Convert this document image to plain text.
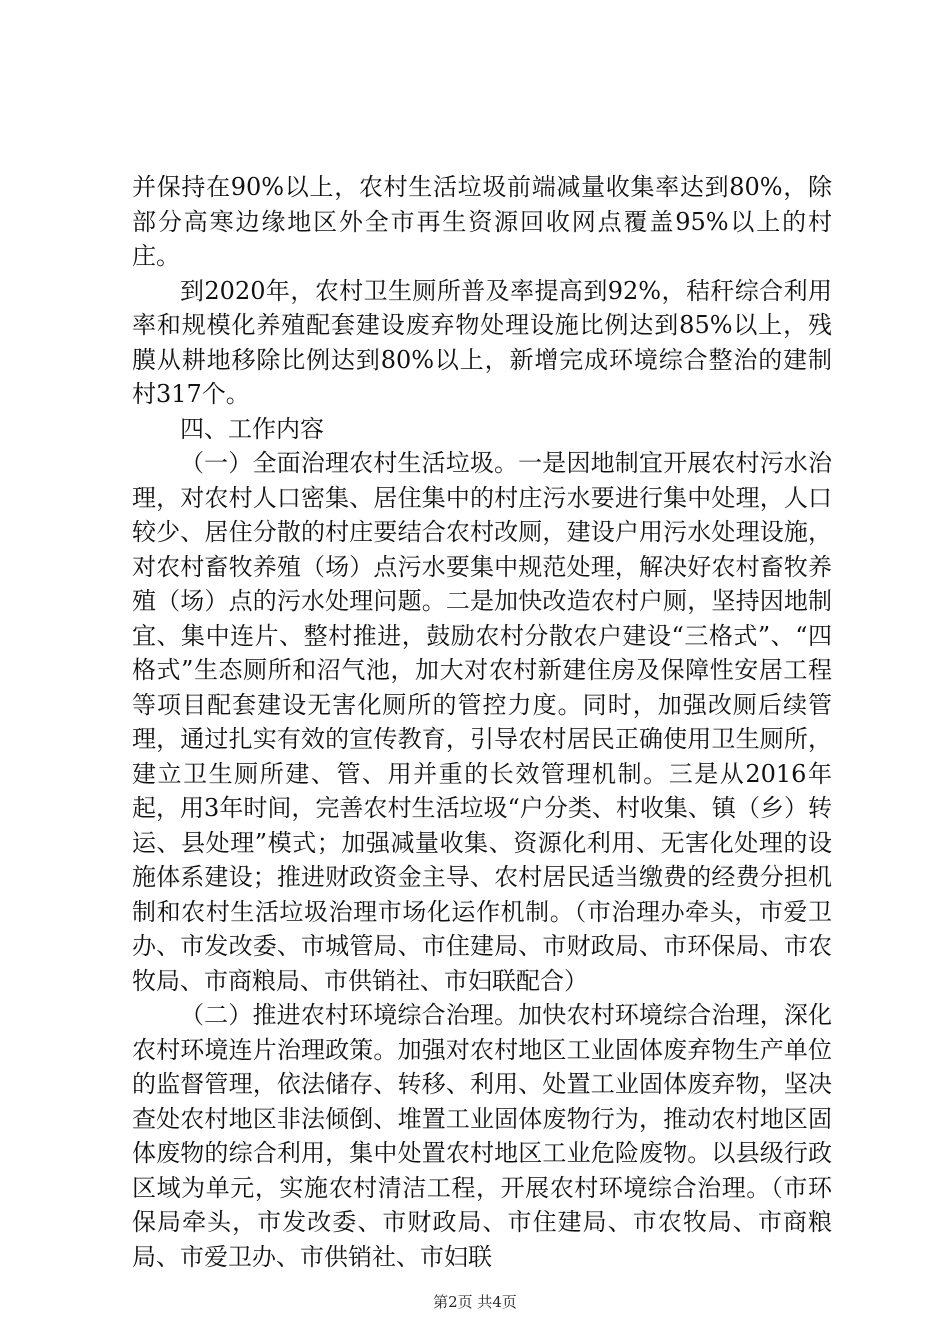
并保持在90%以上，农村生活垃圾前端减量收集率达到80%，除部分高寒边缘地区外全市再生资源回收网点覆盖95%以上的村庄。

到2020年，农村卫生厕所普及率提高到92%，秸秆综合利用率和规模化养殖配套建设废弃物处理设施比例达到85%以上，残膜从耕地移除比例达到80%以上，新增完成环境综合整治的建制村317个。

四、工作内容

（一）全面治理农村生活垃圾。一是因地制宜开展农村污水治理，对农村人口密集、居住集中的村庄污水要进行集中处理，人口较少、居住分散的村庄要结合农村改厕，建设户用污水处理设施，对农村畜牧养殖（场）点污水要集中规范处理，解决好农村畜牧养殖（场）点的污水处理问题。二是加快改造农村户厕，坚持因地制宜、集中连片、整村推进，鼓励农村分散农户建设“三格式”、“四格式”生态厕所和沼气池，加大对农村新建住房及保障性安居工程等项目配套建设无害化厕所的管控力度。同时，加强改厕后续管理，通过扎实有效的宣传教育，引导农村居民正确使用卫生厕所，建立卫生厕所建、管、用并重的长效管理机制。三是从2016年起，用3年时间，完善农村生活垃圾“户分类、村收集、镇（乡）转运、县处理”模式；加强减量收集、资源化利用、无害化处理的设施体系建设；推进财政资金主导、农村居民适当缴费的经费分担机制和农村生活垃圾治理市场化运作机制。（市治理办牵头，市爱卫办、市发改委、市城管局、市住建局、市财政局、市环保局、市农牧局、市商粮局、市供销社、市妇联配合）

（二）推进农村环境综合治理。加快农村环境综合治理，深化农村环境连片治理政策。加强对农村地区工业固体废弃物生产单位的监督管理，依法储存、转移、利用、处置工业固体废弃物，坚决查处农村地区非法倾倒、堆置工业固体废物行为，推动农村地区固体废物的综合利用，集中处置农村地区工业危险废物。以县级行政区域为单元，实施农村清洁工程，开展农村环境综合治理。（市环保局牵头，市发改委、市财政局、市住建局、市农牧局、市商粮局、市爱卫办、市供销社、市妇联

第2页 共4页
